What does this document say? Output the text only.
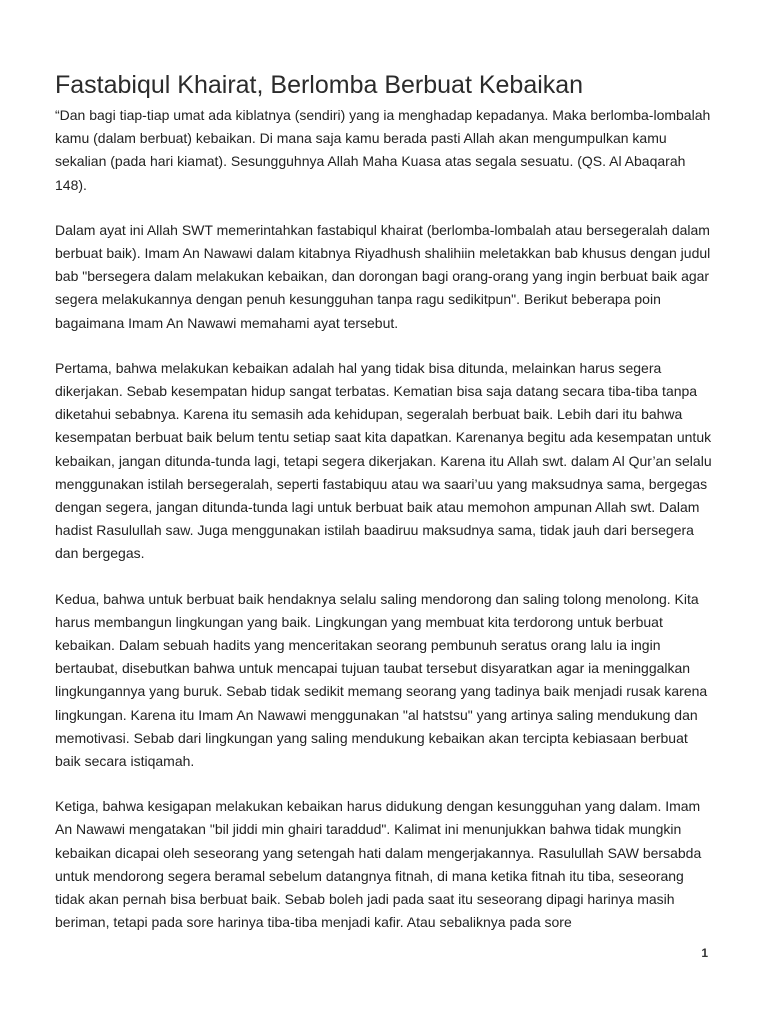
Fastabiqul Khairat, Berlomba Berbuat Kebaikan

“Dan bagi tiap-tiap umat ada kiblatnya (sendiri) yang ia menghadap kepadanya. Maka berlomba-lombalah kamu (dalam berbuat) kebaikan. Di mana saja kamu berada pasti Allah akan mengumpulkan kamu sekalian (pada hari kiamat). Sesungguhnya Allah Maha Kuasa atas segala sesuatu. (QS. Al Abaqarah 148).

Dalam ayat ini Allah SWT memerintahkan fastabiqul khairat (berlomba-lombalah atau bersegeralah dalam berbuat baik). Imam An Nawawi dalam kitabnya Riyadhush shalihiin meletakkan bab khusus dengan judul bab "bersegera dalam melakukan kebaikan, dan dorongan bagi orang-orang yang ingin berbuat baik agar segera melakukannya dengan penuh kesungguhan tanpa ragu sedikitpun". Berikut beberapa poin bagaimana Imam An Nawawi memahami ayat tersebut.

Pertama, bahwa melakukan kebaikan adalah hal yang tidak bisa ditunda, melainkan harus segera dikerjakan. Sebab kesempatan hidup sangat terbatas. Kematian bisa saja datang secara tiba-tiba tanpa diketahui sebabnya. Karena itu semasih ada kehidupan, segeralah berbuat baik. Lebih dari itu bahwa kesempatan berbuat baik belum tentu setiap saat kita dapatkan. Karenanya begitu ada kesempatan untuk kebaikan, jangan ditunda-tunda lagi, tetapi segera dikerjakan. Karena itu Allah swt. dalam Al Qur’an selalu menggunakan istilah bersegeralah, seperti fastabiquu atau wa saari’uu yang maksudnya sama, bergegas dengan segera, jangan ditunda-tunda lagi untuk berbuat baik atau memohon ampunan Allah swt. Dalam hadist Rasulullah saw. Juga menggunakan istilah baadiruu maksudnya sama, tidak jauh dari bersegera dan bergegas.

Kedua, bahwa untuk berbuat baik hendaknya selalu saling mendorong dan saling tolong menolong. Kita harus membangun lingkungan yang baik. Lingkungan yang membuat kita terdorong untuk berbuat kebaikan. Dalam sebuah hadits yang menceritakan seorang pembunuh seratus orang lalu ia ingin bertaubat, disebutkan bahwa untuk mencapai tujuan taubat tersebut disyaratkan agar ia meninggalkan lingkungannya yang buruk. Sebab tidak sedikit memang seorang yang tadinya baik menjadi rusak karena lingkungan. Karena itu Imam An Nawawi menggunakan "al hatstsu" yang artinya saling mendukung dan memotivasi. Sebab dari lingkungan yang saling mendukung kebaikan akan tercipta kebiasaan berbuat baik secara istiqamah.

Ketiga, bahwa kesigapan melakukan kebaikan harus didukung dengan kesungguhan yang dalam. Imam An Nawawi mengatakan "bil jiddi min ghairi taraddud". Kalimat ini menunjukkan bahwa tidak mungkin kebaikan dicapai oleh seseorang yang setengah hati dalam mengerjakannya. Rasulullah SAW bersabda untuk mendorong segera beramal sebelum datangnya fitnah, di mana ketika fitnah itu tiba, seseorang tidak akan pernah bisa berbuat baik. Sebab boleh jadi pada saat itu seseorang dipagi harinya masih beriman, tetapi pada sore harinya tiba-tiba menjadi kafir. Atau sebaliknya pada sore

1
